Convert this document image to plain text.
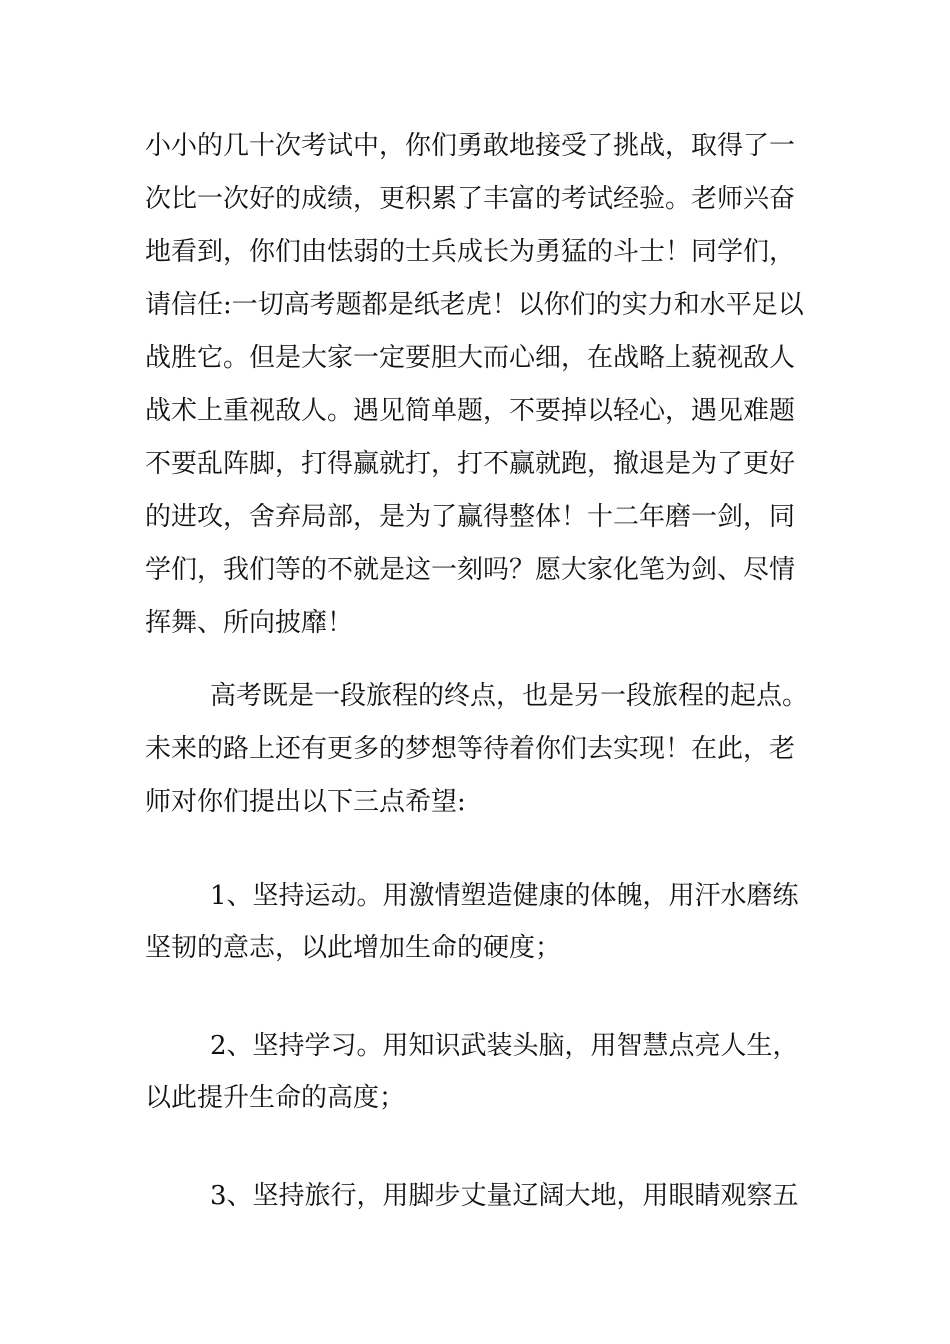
小小的几十次考试中，你们勇敢地接受了挑战，取得了一

次比一次好的成绩，更积累了丰富的考试经验。老师兴奋

地看到，你们由怯弱的士兵成长为勇猛的斗士！同学们，

请信任:一切高考题都是纸老虎！以你们的实力和水平足以

战胜它。但是大家一定要胆大而心细，在战略上藐视敌人

战术上重视敌人。遇见简单题，不要掉以轻心，遇见难题

不要乱阵脚，打得赢就打，打不赢就跑，撤退是为了更好

的进攻，舍弃局部，是为了赢得整体！十二年磨一剑，同

学们，我们等的不就是这一刻吗？愿大家化笔为剑、尽情

挥舞、所向披靡！

高考既是一段旅程的终点，也是另一段旅程的起点。

未来的路上还有更多的梦想等待着你们去实现！在此，老

师对你们提出以下三点希望:

1、坚持运动。用激情塑造健康的体魄，用汗水磨练

坚韧的意志，以此增加生命的硬度；

2、坚持学习。用知识武装头脑，用智慧点亮人生，

以此提升生命的高度；

3、坚持旅行，用脚步丈量辽阔大地，用眼睛观察五
